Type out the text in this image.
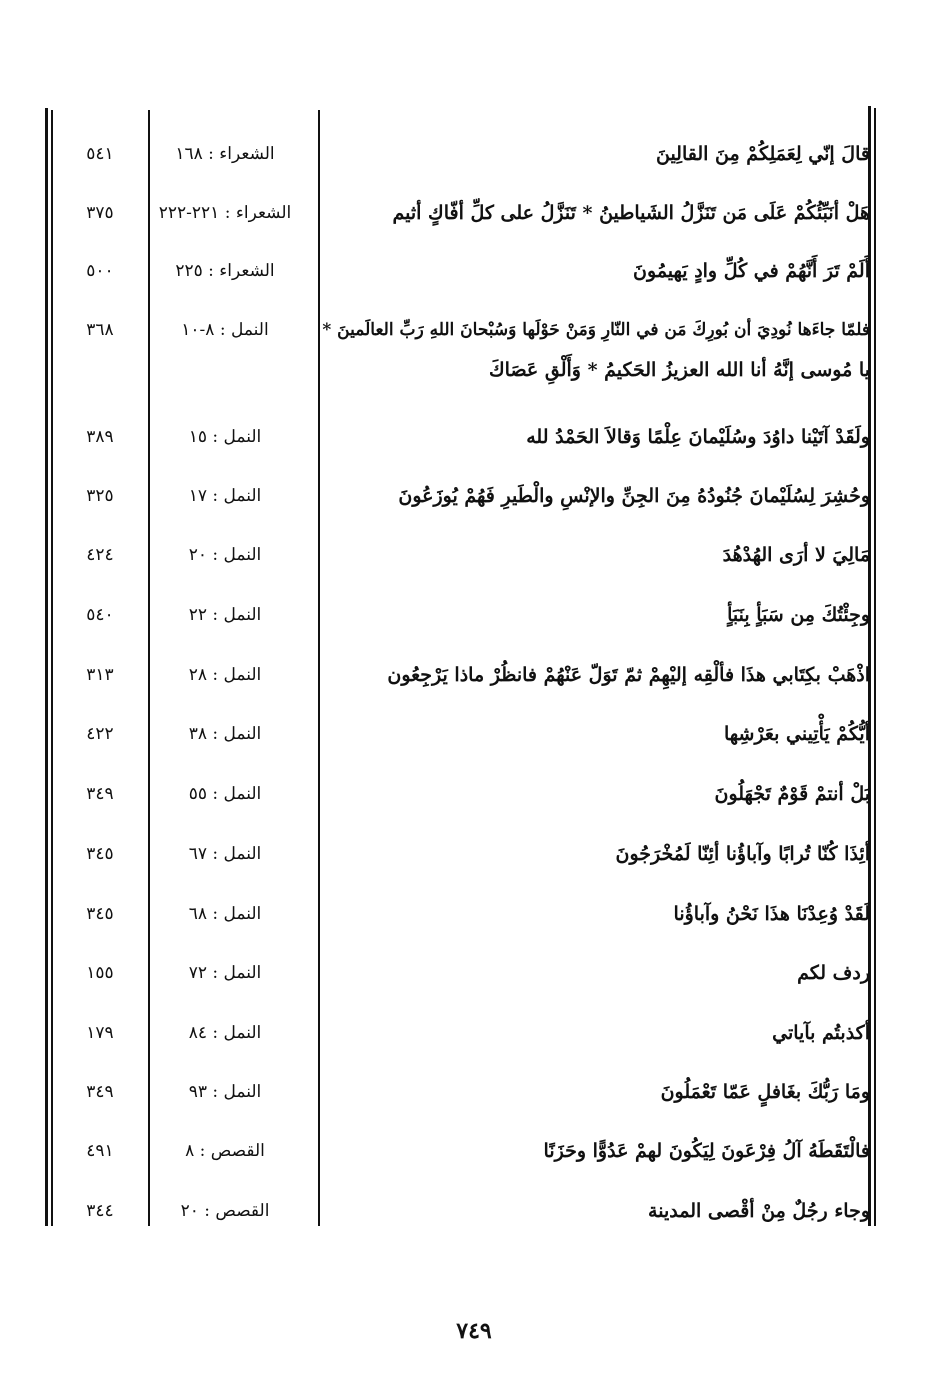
قالَ إنّي لِعَمَلِكُمْ مِنَ القالِينَ
الشعراء : ١٦٨
٥٤١
هَلْ أنَبِّئُكُمْ عَلَى مَن تَنَزَّلُ الشَياطينُ * تَنَزَّلُ على كلِّ أفّاكٍ أثيم
الشعراء : ٢٢١-٢٢٢
٣٧٥
أَلَمْ تَرَ أَنَّهُمْ في كُلِّ وادٍ يَهيمُونَ
الشعراء : ٢٢٥
٥٠٠
فلمّا جاءَها نُودِيَ أن بُورِكَ مَن في النّارِ وَمَنْ حَوْلَها وَسُبْحانَ اللهِ رَبِّ العالَمينَ *
يا مُوسى إنَّهُ أنا الله العزيزُ الحَكيمُ * وَأَلْقِ عَصَاكَ
النمل : ٨-١٠
٣٦٨
ولَقَدْ آتَيْنا داوُدَ وسُلَيْمانَ عِلْمًا وَقالاَ الحَمْدُ لله
النمل : ١٥
٣٨٩
وحُشِرَ لِسُلَيْمانَ جُنُودُهُ مِنَ الجِنِّ والإنْسِ والْطَيرِ فَهُمْ يُوزَعُونَ
النمل : ١٧
٣٢٥
مَالِيَ لا أرَى الهُدْهُدَ
النمل : ٢٠
٤٢٤
وجِئْتُكَ مِن سَبَأٍ بِنَبَأٍ
النمل : ٢٢
٥٤٠
اذْهَبْ بكِتَابي هذَا فألْقِه إليْهِمْ ثمّ تَوَلّ عَنْهُمْ فانظُرْ ماذا يَرْجِعُون
النمل : ٢٨
٣١٣
أيُّكُمْ يَأْتِيني بعَرْشِها
النمل : ٣٨
٤٢٢
بَلْ أنتمْ قَوْمٌ تَجْهَلُونَ
النمل : ٥٥
٣٤٩
أئِذَا كُنّا تُرابًا وآباؤُنا أئِنّا لَمُخْرَجُونَ
النمل : ٦٧
٣٤٥
لَقَدْ وُعِدْنَا هذَا نَحْنُ وآباؤُنا
النمل : ٦٨
٣٤٥
ردف لكم
النمل : ٧٢
١٥٥
أكذبتُم بآياتي
النمل : ٨٤
١٧٩
ومَا رَبُّكَ بغَافلٍ عَمّا تَعْمَلُونَ
النمل : ٩٣
٣٤٩
فالْتَقَطَهُ آلُ فِرْعَونَ لِيَكُونَ لهمْ عَدُوًّا وحَزَنًا
القصص : ٨
٤٩١
وجاء رجُلٌ مِنْ أقْصى المدينة
القصص : ٢٠
٣٤٤
٧٤٩
